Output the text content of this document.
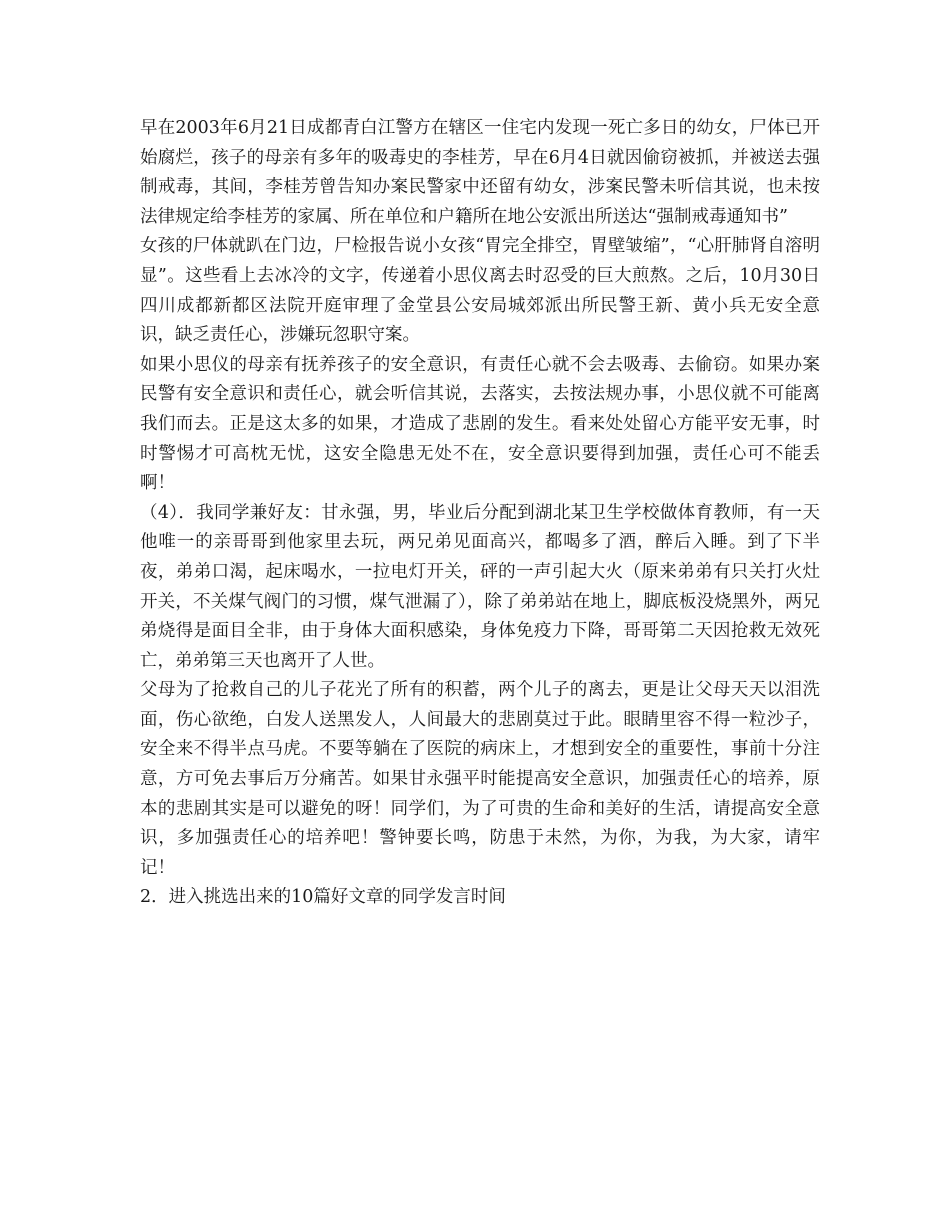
早在2003年6月21日成都青白江警方在辖区一住宅内发现一死亡多日的幼女，尸体已开始腐烂，孩子的母亲有多年的吸毒史的李桂芳，早在6月4日就因偷窃被抓，并被送去强制戒毒，其间，李桂芳曾告知办案民警家中还留有幼女，涉案民警未听信其说，也未按法律规定给李桂芳的家属、所在单位和户籍所在地公安派出所送达“强制戒毒通知书”

女孩的尸体就趴在门边，尸检报告说小女孩“胃完全排空，胃壁皱缩”，“心肝肺肾自溶明显”。这些看上去冰冷的文字，传递着小思仪离去时忍受的巨大煎熬。之后，10月30日四川成都新都区法院开庭审理了金堂县公安局城郊派出所民警王新、黄小兵无安全意识，缺乏责任心，涉嫌玩忽职守案。

如果小思仪的母亲有抚养孩子的安全意识，有责任心就不会去吸毒、去偷窃。如果办案民警有安全意识和责任心，就会听信其说，去落实，去按法规办事，小思仪就不可能离我们而去。正是这太多的如果，才造成了悲剧的发生。看来处处留心方能平安无事，时时警惕才可高枕无忧，这安全隐患无处不在，安全意识要得到加强，责任心可不能丢啊！

（4）．我同学兼好友：甘永强，男，毕业后分配到湖北某卫生学校做体育教师，有一天他唯一的亲哥哥到他家里去玩，两兄弟见面高兴，都喝多了酒，醉后入睡。到了下半夜，弟弟口渴，起床喝水，一拉电灯开关，砰的一声引起大火（原来弟弟有只关打火灶开关，不关煤气阀门的习惯，煤气泄漏了），除了弟弟站在地上，脚底板没烧黑外，两兄弟烧得是面目全非，由于身体大面积感染，身体免疫力下降，哥哥第二天因抢救无效死亡，弟弟第三天也离开了人世。

父母为了抢救自己的儿子花光了所有的积蓄，两个儿子的离去，更是让父母天天以泪洗面，伤心欲绝，白发人送黑发人，人间最大的悲剧莫过于此。眼睛里容不得一粒沙子，安全来不得半点马虎。不要等躺在了医院的病床上，才想到安全的重要性，事前十分注意，方可免去事后万分痛苦。如果甘永强平时能提高安全意识，加强责任心的培养，原本的悲剧其实是可以避免的呀！同学们，为了可贵的生命和美好的生活，请提高安全意识，多加强责任心的培养吧！警钟要长鸣，防患于未然，为你，为我，为大家，请牢记！

2．进入挑选出来的10篇好文章的同学发言时间
